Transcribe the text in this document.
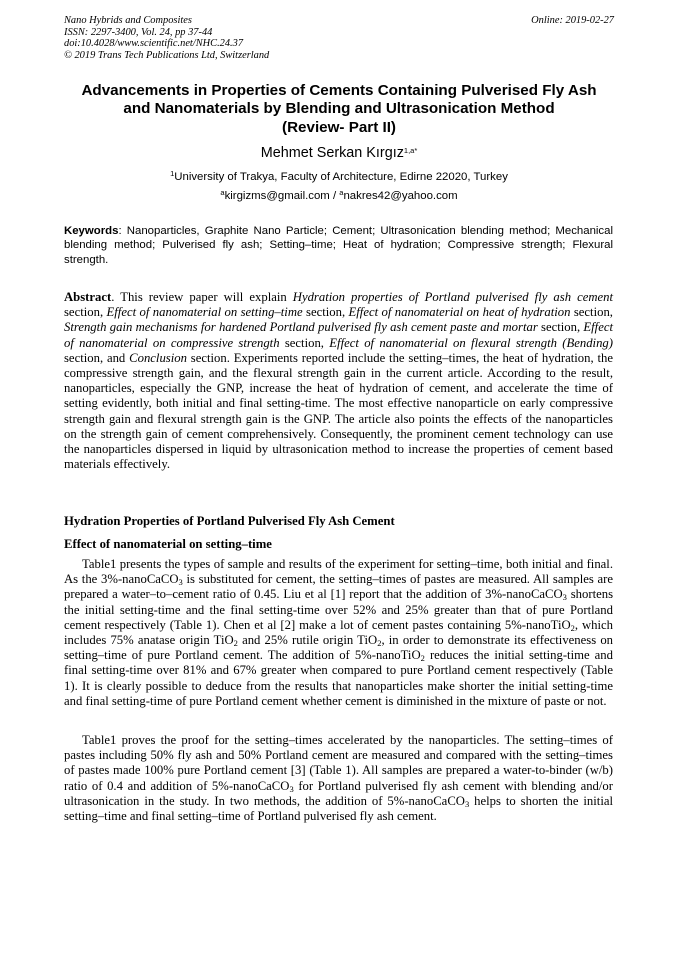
Nano Hybrids and Composites
ISSN: 2297-3400, Vol. 24, pp 37-44
doi:10.4028/www.scientific.net/NHC.24.37
© 2019 Trans Tech Publications Ltd, Switzerland
Online: 2019-02-27
Advancements in Properties of Cements Containing Pulverised Fly Ash
and Nanomaterials by Blending and Ultrasonication Method
(Review- Part II)
Mehmet Serkan Kırgız$^{1,a*}$
$^1$University of Trakya, Faculty of Architecture, Edirne 22020, Turkey
$^a$kirgizms@gmail.com / $^a$nakres42@yahoo.com
Keywords: Nanoparticles, Graphite Nano Particle; Cement; Ultrasonication blending method; Mechanical blending method; Pulverised fly ash; Setting–time; Heat of hydration; Compressive strength; Flexural strength.
Abstract. This review paper will explain Hydration properties of Portland pulverised fly ash cement section, Effect of nanomaterial on setting–time section, Effect of nanomaterial on heat of hydration section, Strength gain mechanisms for hardened Portland pulverised fly ash cement paste and mortar section, Effect of nanomaterial on compressive strength section, Effect of nanomaterial on flexural strength (Bending) section, and Conclusion section. Experiments reported include the setting–times, the heat of hydration, the compressive strength gain, and the flexural strength gain in the current article. According to the result, nanoparticles, especially the GNP, increase the heat of hydration of cement, and accelerate the time of setting evidently, both initial and final setting-time. The most effective nanoparticle on early compressive strength gain and flexural strength gain is the GNP. The article also points the effects of the nanoparticles on the strength gain of cement comprehensively. Consequently, the prominent cement technology can use the nanoparticles dispersed in liquid by ultrasonication method to increase the properties of cement based materials effectively.
Hydration Properties of Portland Pulverised Fly Ash Cement
Effect of nanomaterial on setting–time
Table1 presents the types of sample and results of the experiment for setting–time, both initial and final. As the 3%-nanoCaCO$_3$ is substituted for cement, the setting–times of pastes are measured. All samples are prepared a water–to–cement ratio of 0.45. Liu et al [1] report that the addition of 3%-nanoCaCO$_3$ shortens the initial setting-time and the final setting-time over 52% and 25% greater than that of pure Portland cement respectively (Table 1). Chen et al [2] make a lot of cement pastes containing 5%-nanoTiO$_2$, which includes 75% anatase origin TiO$_2$ and 25% rutile origin TiO$_2$, in order to demonstrate its effectiveness on setting–time of pure Portland cement. The addition of 5%-nanoTiO$_2$ reduces the initial setting-time and final setting-time over 81% and 67% greater when compared to pure Portland cement respectively (Table 1). It is clearly possible to deduce from the results that nanoparticles make shorter the initial setting-time and final setting-time of pure Portland cement whether cement is diminished in the mixture of paste or not.
Table1 proves the proof for the setting–times accelerated by the nanoparticles. The setting–times of pastes including 50% fly ash and 50% Portland cement are measured and compared with the setting–times of pastes made 100% pure Portland cement [3] (Table 1). All samples are prepared a water-to-binder (w/b) ratio of 0.4 and addition of 5%-nanoCaCO$_3$ for Portland pulverised fly ash cement with blending and/or ultrasonication in the study. In two methods, the addition of 5%-nanoCaCO$_3$ helps to shorten the initial setting–time and final setting–time of Portland pulverised fly ash cement.
